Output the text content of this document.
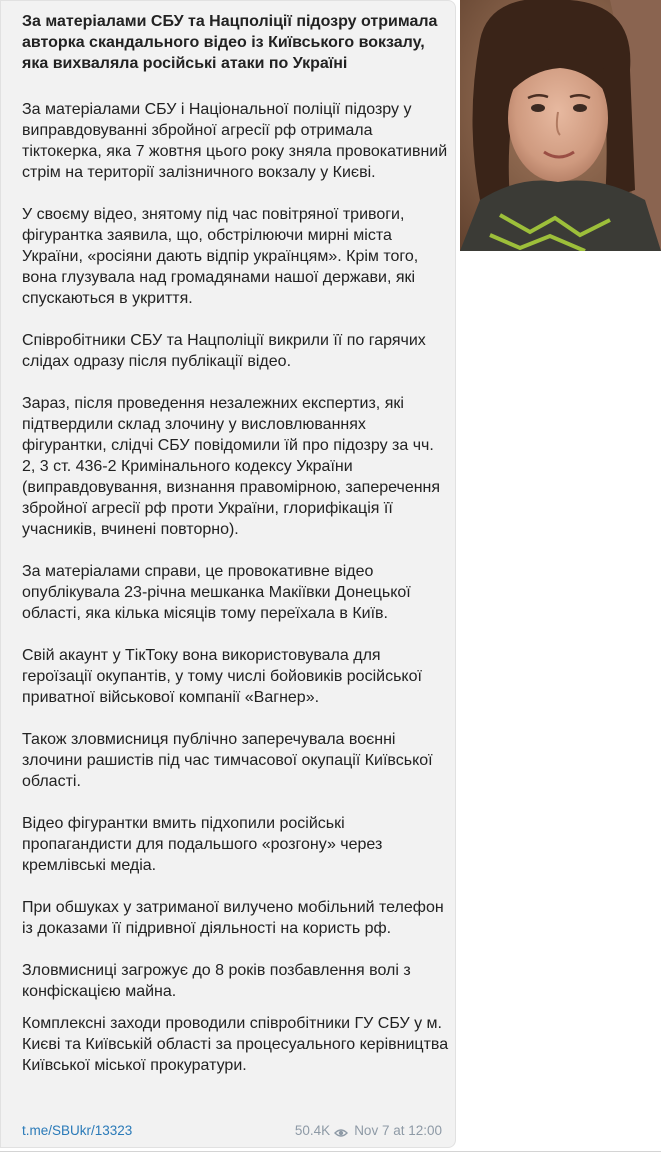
За матеріалами СБУ та Нацполіції підозру отримала авторка скандального відео із Київського вокзалу, яка вихваляла російські атаки по Україні

За матеріалами СБУ і Національної поліції підозру у виправдовуванні збройної агресії рф отримала тіктокерка, яка 7 жовтня цього року зняла провокативний стрім на території залізничного вокзалу у Києві.

У своєму відео, знятому під час повітряної тривоги, фігурантка заявила, що, обстрілюючи мирні міста України, «росіяни дають відпір українцям». Крім того, вона глузувала над громадянами нашої держави, які спускаються в укриття.

Співробітники СБУ та Нацполіції викрили її по гарячих слідах одразу після публікації відео.

Зараз, після проведення незалежних експертиз, які підтвердили склад злочину у висловлюваннях фігурантки, слідчі СБУ повідомили їй про підозру за чч. 2, 3 ст. 436-2 Кримінального кодексу України (виправдовування, визнання правомірною, заперечення збройної агресії рф проти України, глорифікація її учасників, вчинені повторно).

За матеріалами справи, це провокативне відео опублікувала 23-річна мешканка Макіївки Донецької області, яка кілька місяців тому переїхала в Київ.

Свій акаунт у ТікТоку вона використовувала для героїзації окупантів, у тому числі бойовиків російської приватної військової компанії «Вагнер».

Також зловмисниця публічно заперечувала воєнні злочини рашистів під час тимчасової окупації Київської області.

Відео фігурантки вмить підхопили російські пропагандисти для подальшого «розгону» через кремлівські медіа.

При обшуках у затриманої вилучено мобільний телефон із доказами її підривної діяльності на користь рф.

Зловмисниці загрожує до 8 років позбавлення волі з конфіскацією майна.

Комплексні заходи проводили співробітники ГУ СБУ у м. Києві та Київській області за процесуального керівництва Київської міської прокуратури.

t.me/SBUkr/13323	50.4K Nov 7 at 12:00
